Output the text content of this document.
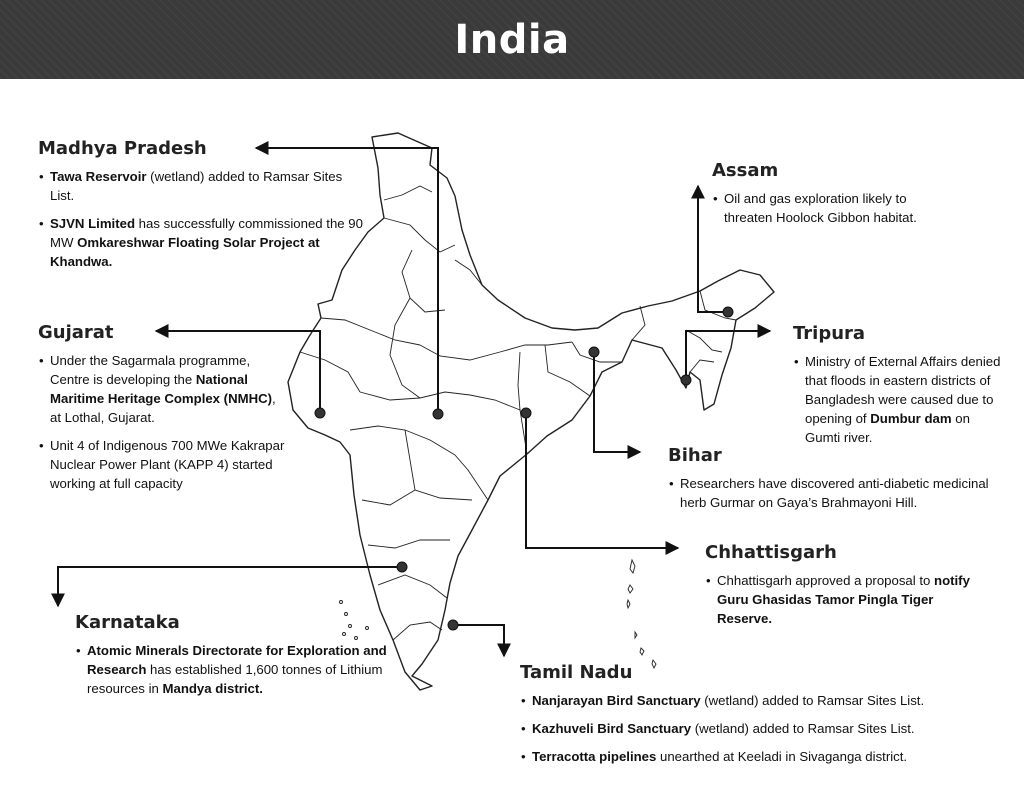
India
Madhya Pradesh
• Tawa Reservoir (wetland) added to Ramsar Sites List.
• SJVN Limited has successfully commissioned the 90 MW Omkareshwar Floating Solar Project at Khandwa.
Assam
• Oil and gas exploration likely to threaten Hoolock Gibbon habitat.
Gujarat
• Under the Sagarmala programme, Centre is developing the National Maritime Heritage Complex (NMHC), at Lothal, Gujarat.
• Unit 4 of Indigenous 700 MWe Kakrapar Nuclear Power Plant (KAPP 4) started working at full capacity
Tripura
• Ministry of External Affairs denied that floods in eastern districts of Bangladesh were caused due to opening of Dumbur dam on Gumti river.
Bihar
• Researchers have discovered anti-diabetic medicinal herb Gurmar on Gaya’s Brahmayoni Hill.
Chhattisgarh
• Chhattisgarh approved a proposal to notify Guru Ghasidas Tamor Pingla Tiger Reserve.
Karnataka
• Atomic Minerals Directorate for Exploration and Research has established 1,600 tonnes of Lithium resources in Mandya district.
Tamil Nadu
• Nanjarayan Bird Sanctuary (wetland) added to Ramsar Sites List.
• Kazhuveli Bird Sanctuary (wetland) added to Ramsar Sites List.
• Terracotta pipelines unearthed at Keeladi in Sivaganga district.
